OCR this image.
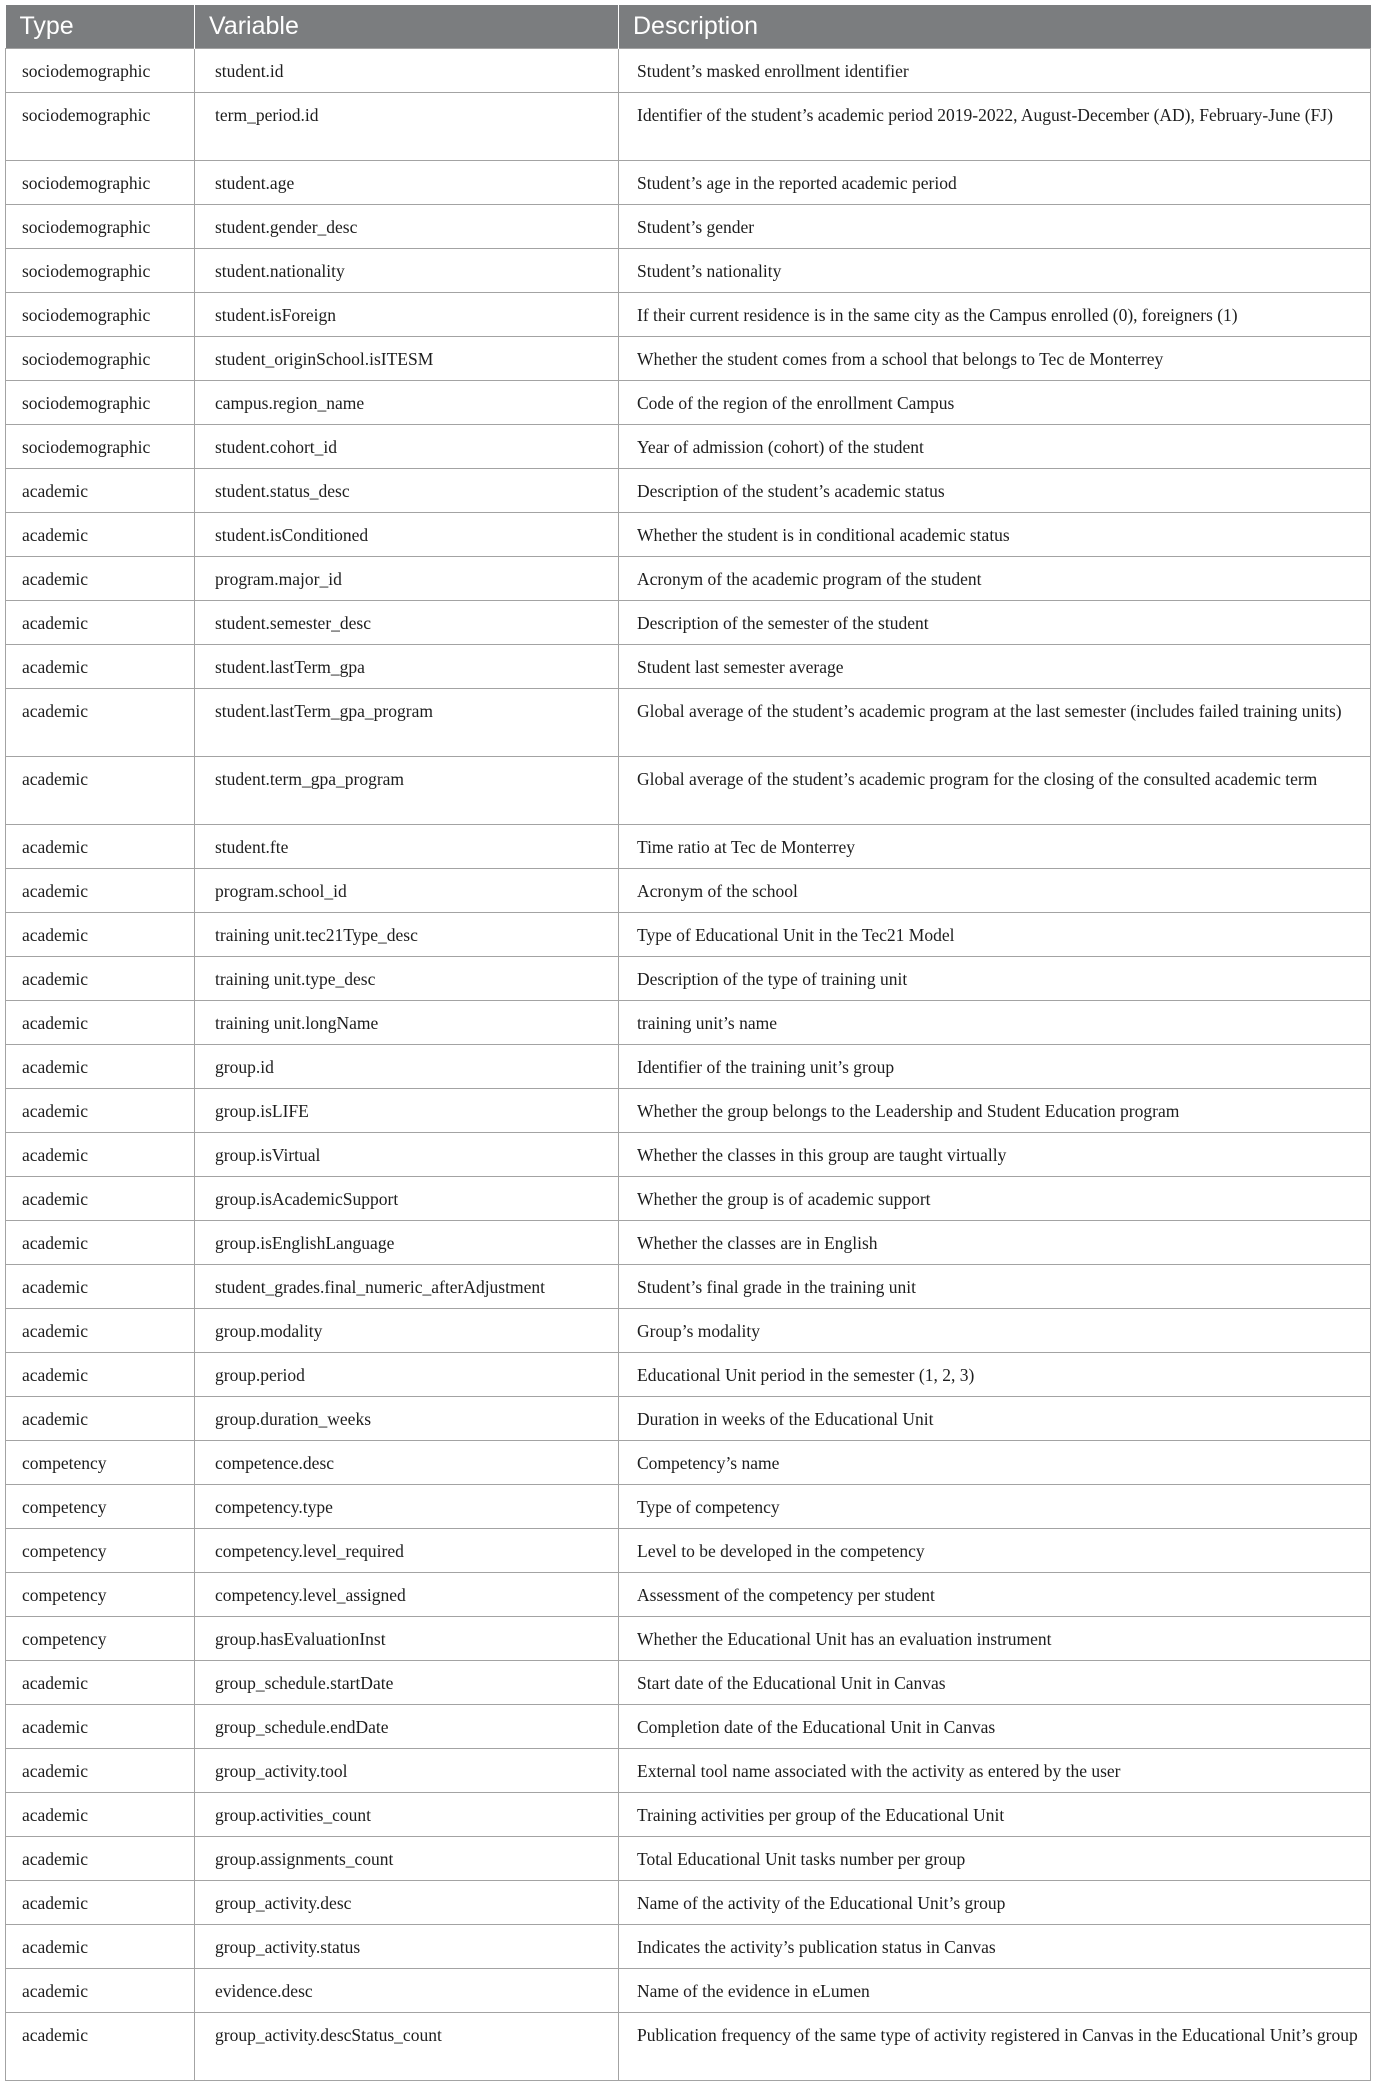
Type	Variable	Description
sociodemographic	student.id	Student’s masked enrollment identifier
sociodemographic	term_period.id	Identifier of the student’s academic period 2019-2022, August-December (AD), February-June (FJ)
sociodemographic	student.age	Student’s age in the reported academic period
sociodemographic	student.gender_desc	Student’s gender
sociodemographic	student.nationality	Student’s nationality
sociodemographic	student.isForeign	If their current residence is in the same city as the Campus enrolled (0), foreigners (1)
sociodemographic	student_originSchool.isITESM	Whether the student comes from a school that belongs to Tec de Monterrey
sociodemographic	campus.region_name	Code of the region of the enrollment Campus
sociodemographic	student.cohort_id	Year of admission (cohort) of the student
academic	student.status_desc	Description of the student’s academic status
academic	student.isConditioned	Whether the student is in conditional academic status
academic	program.major_id	Acronym of the academic program of the student
academic	student.semester_desc	Description of the semester of the student
academic	student.lastTerm_gpa	Student last semester average
academic	student.lastTerm_gpa_program	Global average of the student’s academic program at the last semester (includes failed training units)
academic	student.term_gpa_program	Global average of the student’s academic program for the closing of the consulted academic term
academic	student.fte	Time ratio at Tec de Monterrey
academic	program.school_id	Acronym of the school
academic	training unit.tec21Type_desc	Type of Educational Unit in the Tec21 Model
academic	training unit.type_desc	Description of the type of training unit
academic	training unit.longName	training unit’s name
academic	group.id	Identifier of the training unit’s group
academic	group.isLIFE	Whether the group belongs to the Leadership and Student Education program
academic	group.isVirtual	Whether the classes in this group are taught virtually
academic	group.isAcademicSupport	Whether the group is of academic support
academic	group.isEnglishLanguage	Whether the classes are in English
academic	student_grades.final_numeric_afterAdjustment	Student’s final grade in the training unit
academic	group.modality	Group’s modality
academic	group.period	Educational Unit period in the semester (1, 2, 3)
academic	group.duration_weeks	Duration in weeks of the Educational Unit
competency	competence.desc	Competency’s name
competency	competency.type	Type of competency
competency	competency.level_required	Level to be developed in the competency
competency	competency.level_assigned	Assessment of the competency per student
competency	group.hasEvaluationInst	Whether the Educational Unit has an evaluation instrument
academic	group_schedule.startDate	Start date of the Educational Unit in Canvas
academic	group_schedule.endDate	Completion date of the Educational Unit in Canvas
academic	group_activity.tool	External tool name associated with the activity as entered by the user
academic	group.activities_count	Training activities per group of the Educational Unit
academic	group.assignments_count	Total Educational Unit tasks number per group
academic	group_activity.desc	Name of the activity of the Educational Unit’s group
academic	group_activity.status	Indicates the activity’s publication status in Canvas
academic	evidence.desc	Name of the evidence in eLumen
academic	group_activity.descStatus_count	Publication frequency of the same type of activity registered in Canvas in the Educational Unit’s group
